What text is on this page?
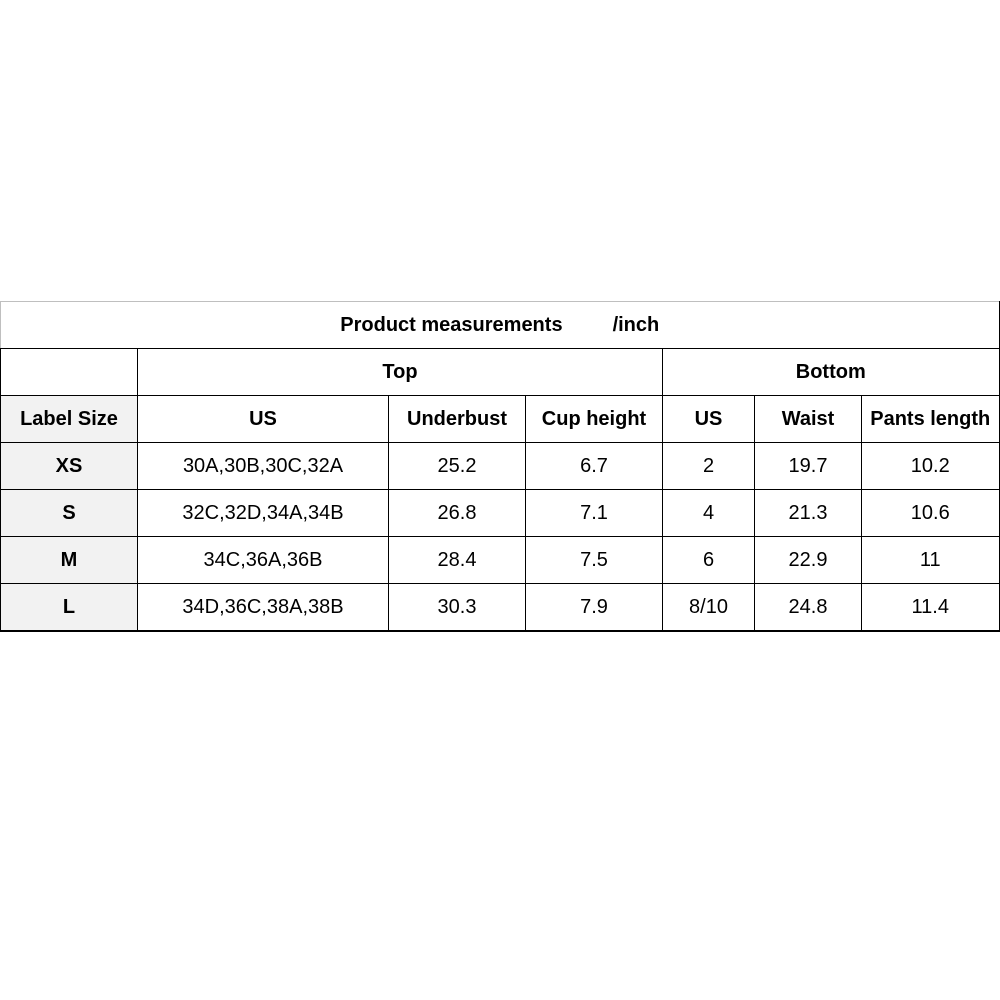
Product measurements /inch						
	Top			Bottom		
Label Size	US	Underbust	Cup height	US	Waist	Pants length
XS	30A,30B,30C,32A	25.2	6.7	2	19.7	10.2
S	32C,32D,34A,34B	26.8	7.1	4	21.3	10.6
M	34C,36A,36B	28.4	7.5	6	22.9	11
L	34D,36C,38A,38B	30.3	7.9	8/10	24.8	11.4
